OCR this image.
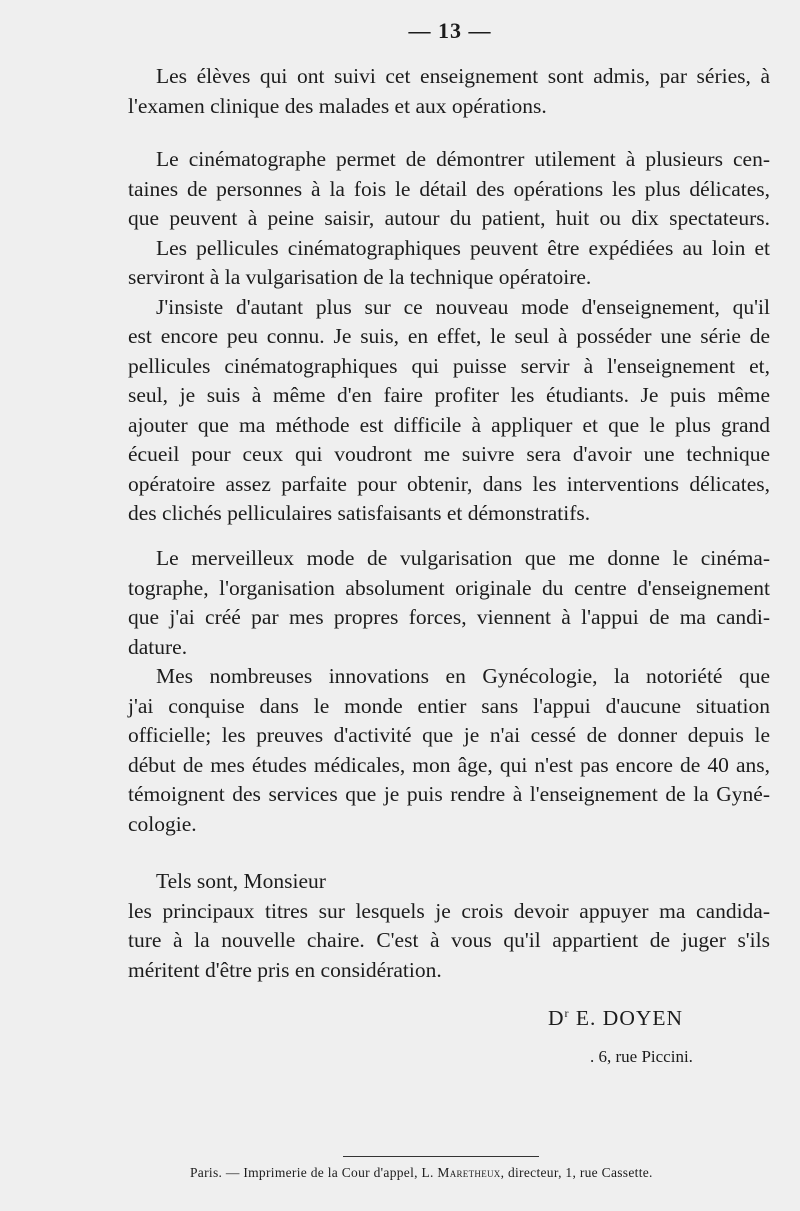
— 13 —
Les élèves qui ont suivi cet enseignement sont admis, par séries, à
l'examen clinique des malades et aux opérations.
Le cinématographe permet de démontrer utilement à plusieurs cen-
taines de personnes à la fois le détail des opérations les plus délicates,
que peuvent à peine saisir, autour du patient, huit ou dix spectateurs.
Les pellicules cinématographiques peuvent être expédiées au loin et
serviront à la vulgarisation de la technique opératoire.
J'insiste d'autant plus sur ce nouveau mode d'enseignement, qu'il
est encore peu connu. Je suis, en effet, le seul à posséder une série de
pellicules cinématographiques qui puisse servir à l'enseignement et,
seul, je suis à même d'en faire profiter les étudiants. Je puis même
ajouter que ma méthode est difficile à appliquer et que le plus grand
écueil pour ceux qui voudront me suivre sera d'avoir une technique
opératoire assez parfaite pour obtenir, dans les interventions délicates,
des clichés pelliculaires satisfaisants et démonstratifs.
Le merveilleux mode de vulgarisation que me donne le cinéma-
tographe, l'organisation absolument originale du centre d'enseignement
que j'ai créé par mes propres forces, viennent à l'appui de ma candi-
dature.
Mes nombreuses innovations en Gynécologie, la notoriété que
j'ai conquise dans le monde entier sans l'appui d'aucune situation
officielle; les preuves d'activité que je n'ai cessé de donner depuis le
début de mes études médicales, mon âge, qui n'est pas encore de 40 ans,
témoignent des services que je puis rendre à l'enseignement de la Gyné-
cologie.
Tels sont, Monsieur
les principaux titres sur lesquels je crois devoir appuyer ma candida-
ture à la nouvelle chaire. C'est à vous qu'il appartient de juger s'ils
méritent d'être pris en considération.
$D^r$ E. DOYEN
. 6, rue Piccini.
Paris. — Imprimerie de la Cour d'appel, L. Maretheux, directeur, 1, rue Cassette.
